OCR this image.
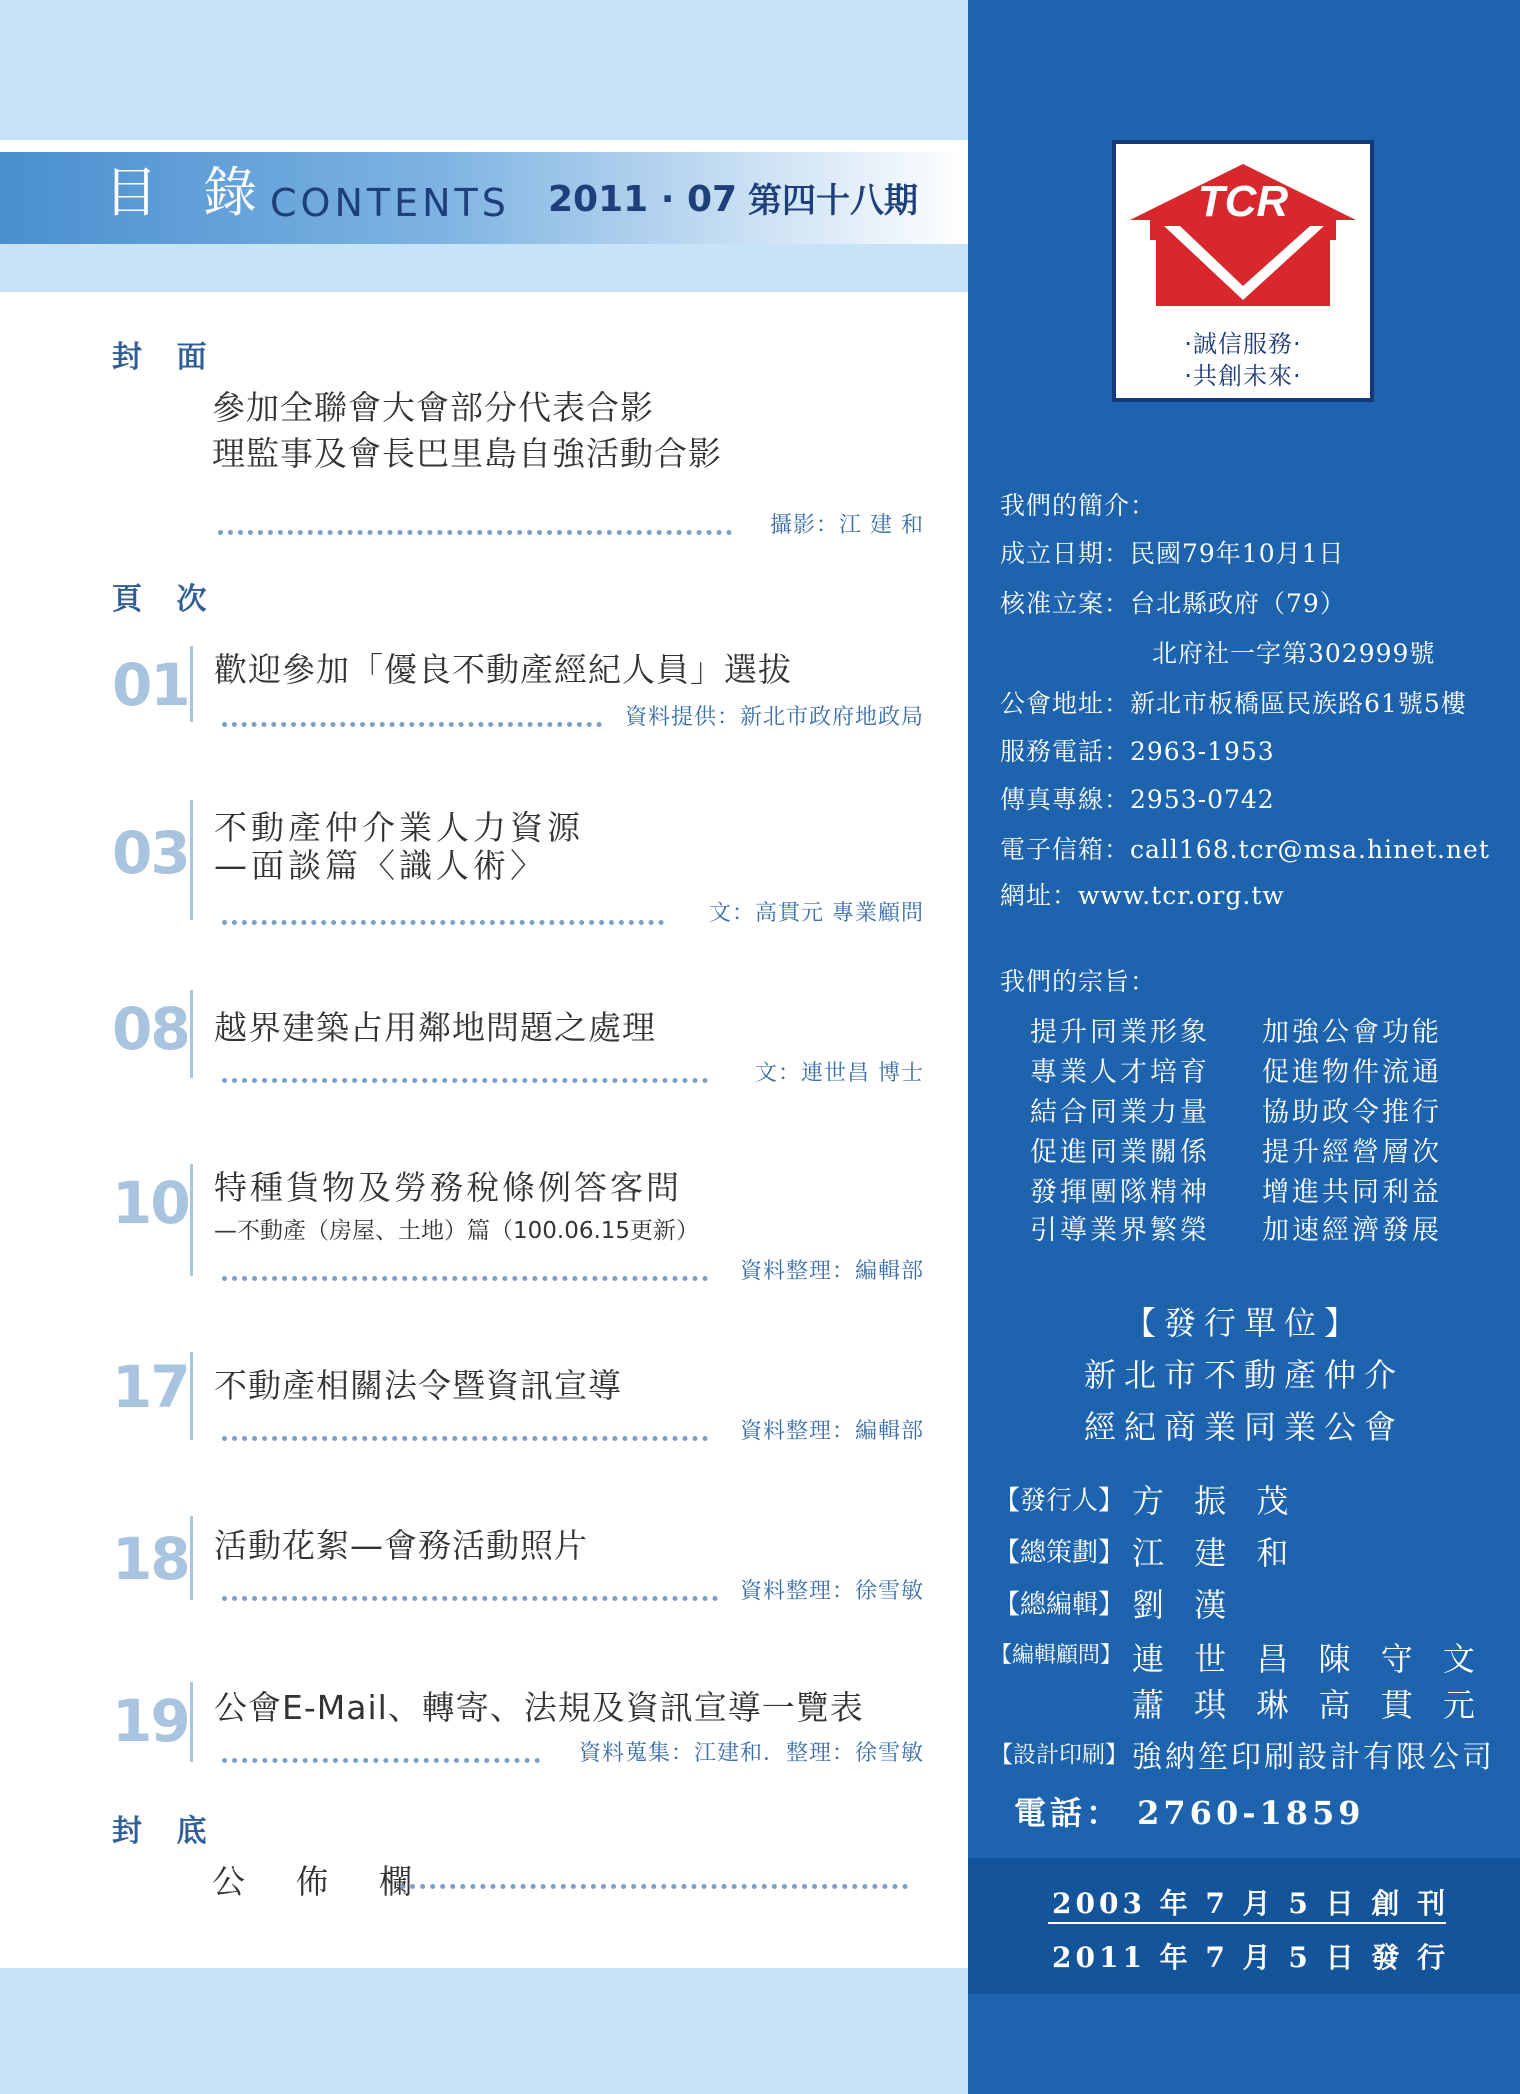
目 錄
CONTENTS 2011 · 07 第四十八期
封 面
參加全聯會大會部分代表合影
理監事及會長巴里島自強活動合影
攝影：江 建 和
頁 次
01 歡迎參加「優良不動產經紀人員」選拔
資料提供：新北市政府地政局
03 不動產仲介業人力資源
—面談篇〈識人術〉
文：高貫元 專業顧問
08 越界建築占用鄰地問題之處理
文：連世昌 博士
10 特種貨物及勞務稅條例答客問
—不動產（房屋、土地）篇（100.06.15更新）
資料整理：編輯部
17 不動產相關法令暨資訊宣導
資料整理：編輯部
18 活動花絮—會務活動照片
資料整理：徐雪敏
19 公會E-Mail、轉寄、法規及資訊宣導一覽表
資料蒐集：江建和．整理：徐雪敏
封 底
公 佈 欄
TCR
·誠信服務·
·共創未來·
我們的簡介：
成立日期：民國79年10月1日
核准立案：台北縣政府（79）
北府社一字第302999號
公會地址：新北市板橋區民族路61號5樓
服務電話：2963-1953
傳真專線：2953-0742
電子信箱：call168.tcr@msa.hinet.net
網址：www.tcr.org.tw
我們的宗旨：
提升同業形象 加強公會功能
專業人才培育 促進物件流通
結合同業力量 協助政令推行
促進同業關係 提升經營層次
發揮團隊精神 增進共同利益
引導業界繁榮 加速經濟發展
【發行單位】
新北市不動產仲介
經紀商業同業公會
【發行人】 方 振 茂
【總策劃】 江 建 和
【總編輯】 劉 漢
【編輯顧問】 連 世 昌 陳 守 文
蕭 琪 琳 高 貫 元
【設計印刷】 強納笙印刷設計有限公司
電話： 2760-1859
2003 年 7 月 5 日 創 刊
2011 年 7 月 5 日 發 行
